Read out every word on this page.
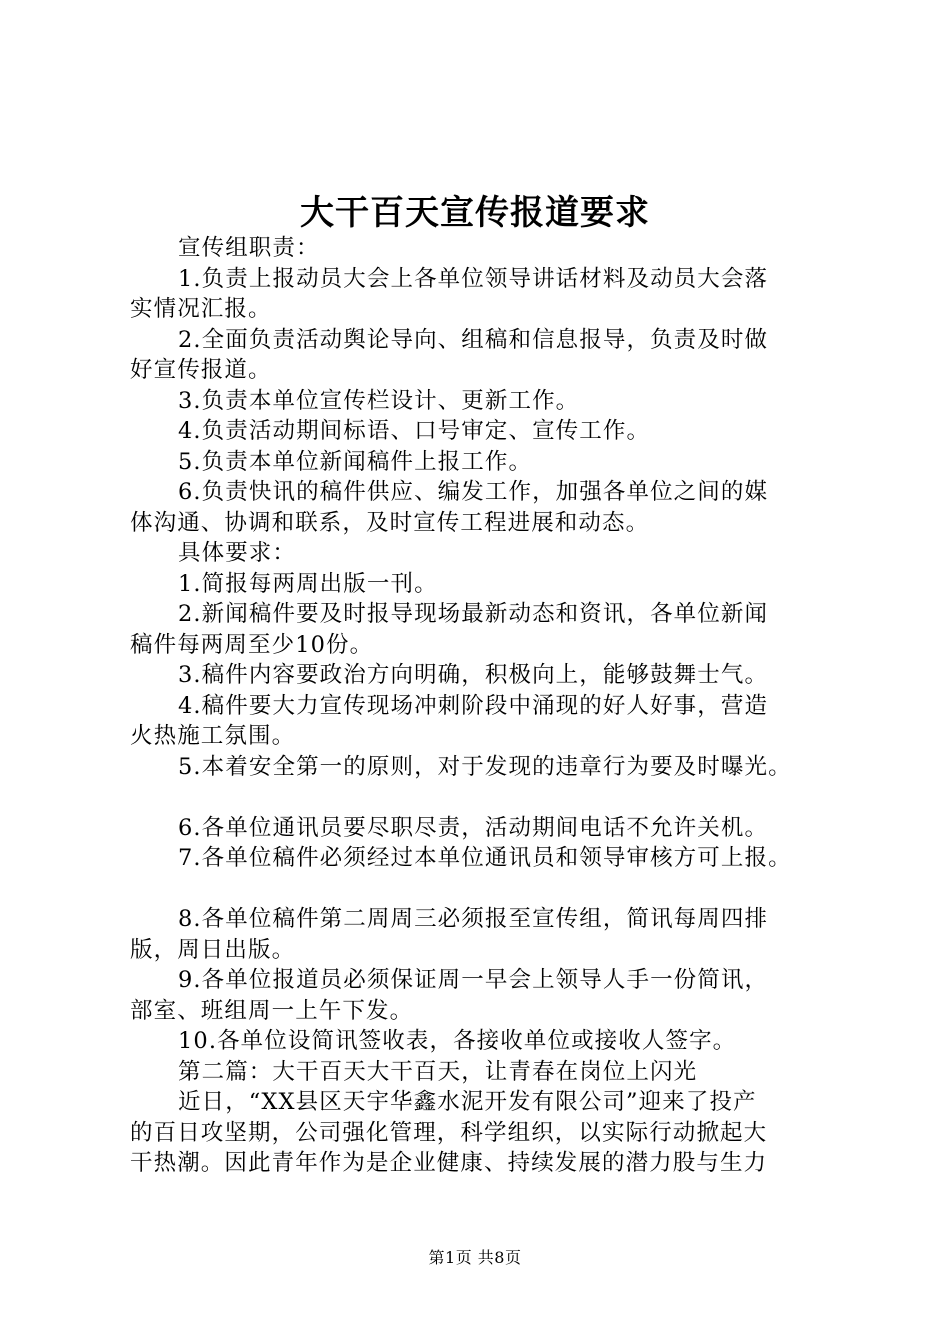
大干百天宣传报道要求

宣传组职责：

1.负责上报动员大会上各单位领导讲话材料及动员大会落
实情况汇报。

2.全面负责活动舆论导向、组稿和信息报导，负责及时做
好宣传报道。

3.负责本单位宣传栏设计、更新工作。

4.负责活动期间标语、口号审定、宣传工作。

5.负责本单位新闻稿件上报工作。

6.负责快讯的稿件供应、编发工作，加强各单位之间的媒
体沟通、协调和联系，及时宣传工程进展和动态。

具体要求：

1.简报每两周出版一刊。

2.新闻稿件要及时报导现场最新动态和资讯，各单位新闻
稿件每两周至少10份。

3.稿件内容要政治方向明确，积极向上，能够鼓舞士气。

4.稿件要大力宣传现场冲刺阶段中涌现的好人好事，营造
火热施工氛围。

5.本着安全第一的原则，对于发现的违章行为要及时曝光。

6.各单位通讯员要尽职尽责，活动期间电话不允许关机。

7.各单位稿件必须经过本单位通讯员和领导审核方可上报。

8.各单位稿件第二周周三必须报至宣传组，简讯每周四排
版，周日出版。

9.各单位报道员必须保证周一早会上领导人手一份简讯，
部室、班组周一上午下发。

10.各单位设简讯签收表，各接收单位或接收人签字。

第二篇：大干百天大干百天，让青春在岗位上闪光

近日，“XX县区天宇华鑫水泥开发有限公司”迎来了投产
的百日攻坚期，公司强化管理，科学组织，以实际行动掀起大
干热潮。因此青年作为是企业健康、持续发展的潜力股与生力

第1页 共8页
